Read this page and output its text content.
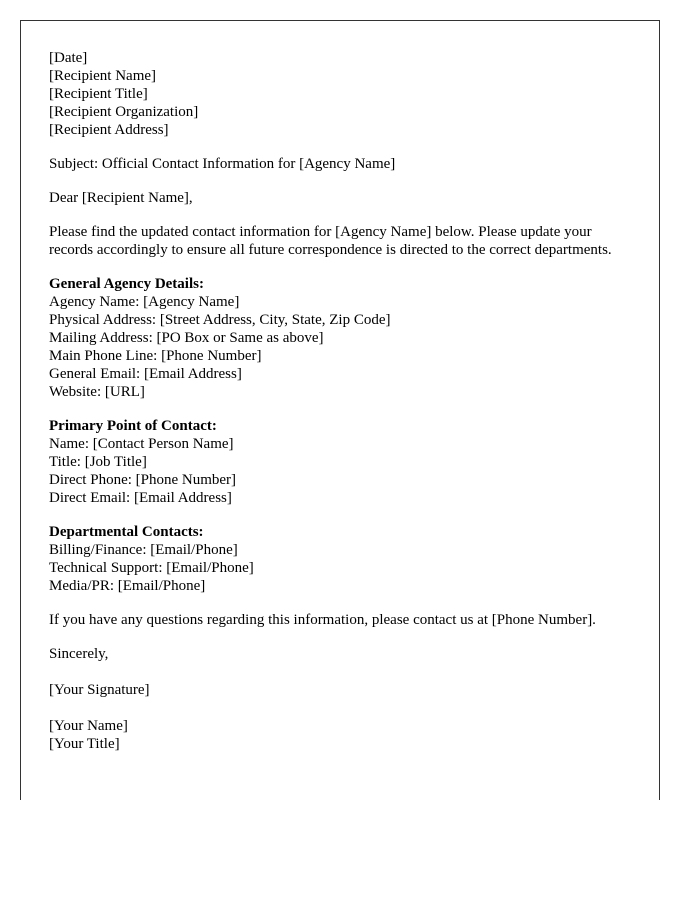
[Date]
[Recipient Name]
[Recipient Title]
[Recipient Organization]
[Recipient Address]
Subject: Official Contact Information for [Agency Name]
Dear [Recipient Name],
Please find the updated contact information for [Agency Name] below. Please update your records accordingly to ensure all future correspondence is directed to the correct departments.
General Agency Details:
Agency Name: [Agency Name]
Physical Address: [Street Address, City, State, Zip Code]
Mailing Address: [PO Box or Same as above]
Main Phone Line: [Phone Number]
General Email: [Email Address]
Website: [URL]
Primary Point of Contact:
Name: [Contact Person Name]
Title: [Job Title]
Direct Phone: [Phone Number]
Direct Email: [Email Address]
Departmental Contacts:
Billing/Finance: [Email/Phone]
Technical Support: [Email/Phone]
Media/PR: [Email/Phone]
If you have any questions regarding this information, please contact us at [Phone Number].
Sincerely,
[Your Signature]
[Your Name]
[Your Title]
